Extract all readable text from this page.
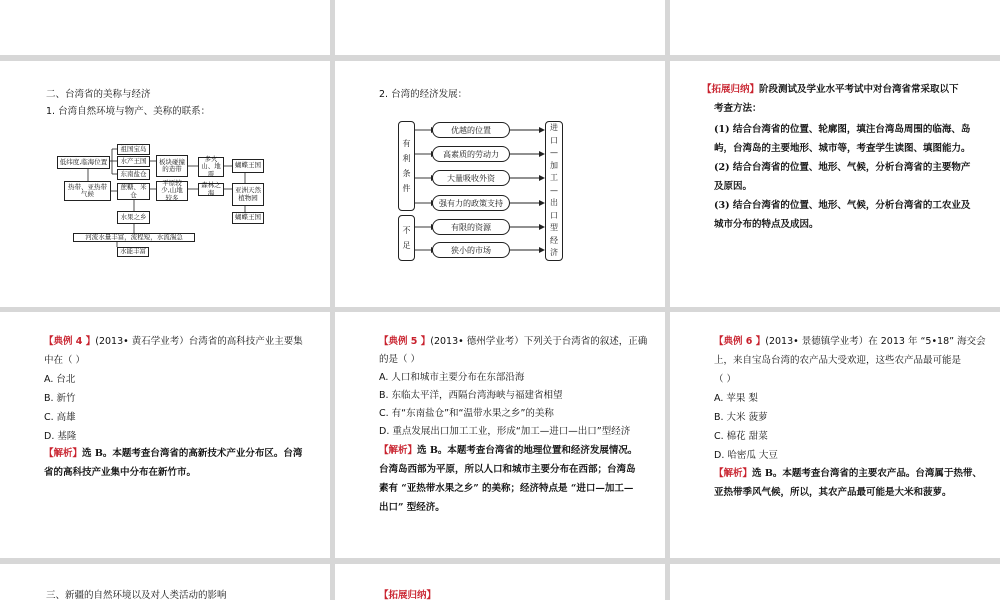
二、台湾省的美称与经济
1. 台湾自然环境与物产、美称的联系：
祖国宝岛
低纬度,临海位置	水产王国
东南盐仓
板块碰撞的造带
多火山、地震
蝴蝶王国
热带、亚热带气候
蔗糖、米仓
平原较少,山地较多
森林之海	亚洲天然植物园
水果之乡	蝴蝶王国
河流水量丰富，流程短，水流湍急
水能丰富
2. 台湾的经济发展：
有
利
条
件
不
足
优越的位置
高素质的劳动力
大量吸收外资
强有力的政策支持
有限的资源
狭小的市场
进
口
—
加
工
—
出
口
型
经
济
【拓展归纳】阶段测试及学业水平考试中对台湾省常采取以下
考查方法：
(1) 结合台湾省的位置、轮廓图，填注台湾岛周围的临海、岛
屿，台湾岛的主要地形、城市等，考查学生读图、填图能力。
(2) 结合台湾省的位置、地形、气候，分析台湾省的主要物产
及原因。
(3) 结合台湾省的位置、地形、气候，分析台湾省的工农业及
城市分布的特点及成因。
【典例 4 】(2013• 黄石学业考）台湾省的高科技产业主要集
中在（ ）
A. 台北
B. 新竹
C. 高雄
D. 基隆
【解析】选 B。本题考查台湾省的高新技术产业分布区。台湾
省的高科技产业集中分布在新竹市。
【典例 5 】(2013• 德州学业考）下列关于台湾省的叙述，正确
的是（ ）
A. 人口和城市主要分布在东部沿海
B. 东临太平洋，西隔台湾海峡与福建省相望
C. 有“东南盐仓”和“温带水果之乡”的美称
D. 重点发展出口加工工业，形成“加工—进口—出口”型经济
【解析】选 B。本题考查台湾省的地理位置和经济发展情况。
台湾岛西部为平原，所以人口和城市主要分布在西部；台湾岛
素有 “亚热带水果之乡” 的美称；经济特点是 “进口—加工—
出口” 型经济。
【典例 6 】(2013• 景德镇学业考）在 2013 年 “5•18” 海交会
上，来自宝岛台湾的农产品大受欢迎，这些农产品最可能是
（ ）
A. 苹果 梨
B. 大米 菠萝
C. 棉花 甜菜
D. 哈密瓜 大豆
【解析】选 B。本题考查台湾省的主要农产品。台湾属于热带、
亚热带季风气候，所以，其农产品最可能是大米和菠萝。
三、新疆的自然环境以及对人类活动的影响	【拓展归纳】
